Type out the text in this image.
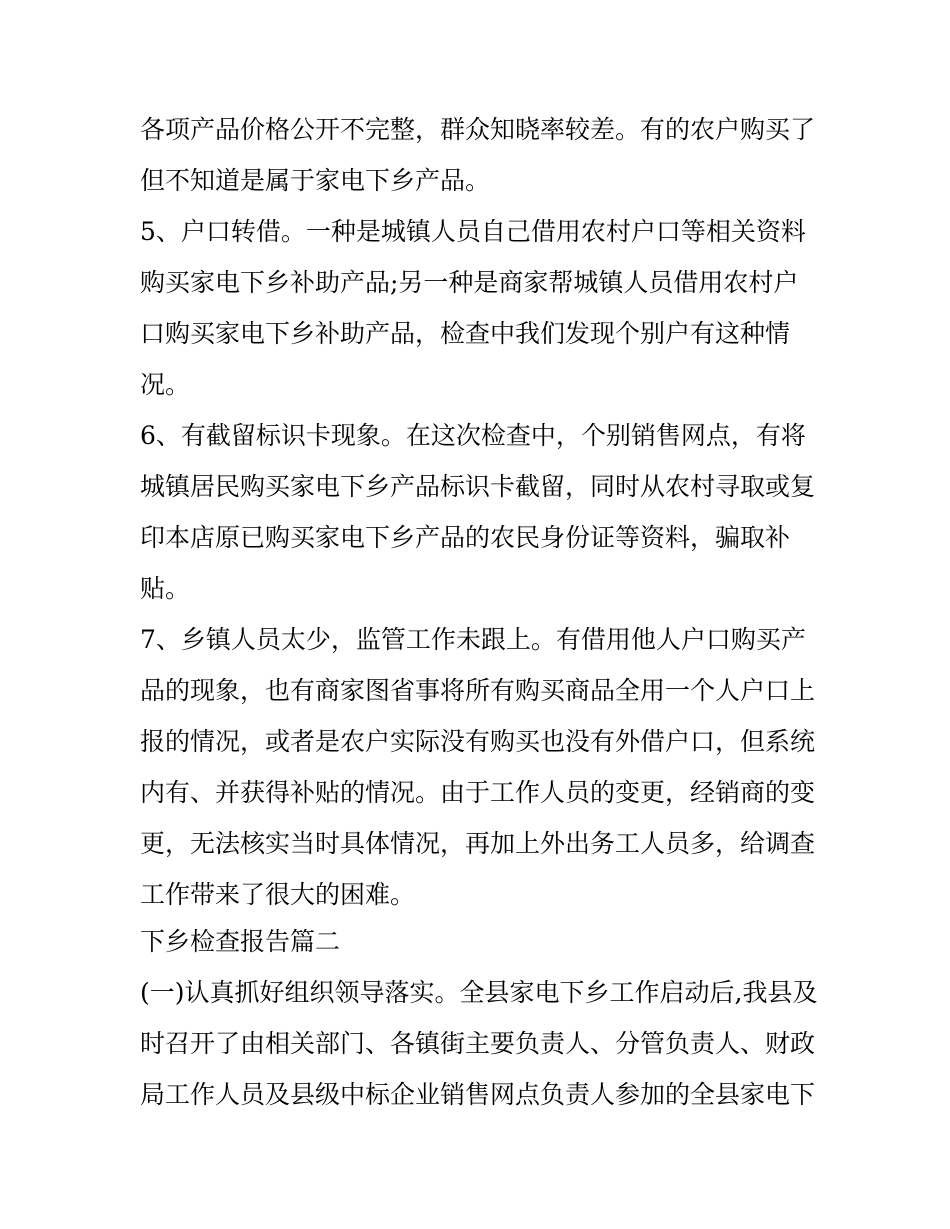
各项产品价格公开不完整，群众知晓率较差。有的农户购买了
但不知道是属于家电下乡产品。
5、户口转借。一种是城镇人员自己借用农村户口等相关资料
购买家电下乡补助产品;另一种是商家帮城镇人员借用农村户
口购买家电下乡补助产品，检查中我们发现个别户有这种情
况。
6、有截留标识卡现象。在这次检查中，个别销售网点，有将
城镇居民购买家电下乡产品标识卡截留，同时从农村寻取或复
印本店原已购买家电下乡产品的农民身份证等资料，骗取补
贴。
7、乡镇人员太少，监管工作未跟上。有借用他人户口购买产
品的现象，也有商家图省事将所有购买商品全用一个人户口上
报的情况，或者是农户实际没有购买也没有外借户口，但系统
内有、并获得补贴的情况。由于工作人员的变更，经销商的变
更，无法核实当时具体情况，再加上外出务工人员多，给调查
工作带来了很大的困难。
下乡检查报告篇二
(一)认真抓好组织领导落实。全县家电下乡工作启动后,我县及
时召开了由相关部门、各镇街主要负责人、分管负责人、财政
局工作人员及县级中标企业销售网点负责人参加的全县家电下
